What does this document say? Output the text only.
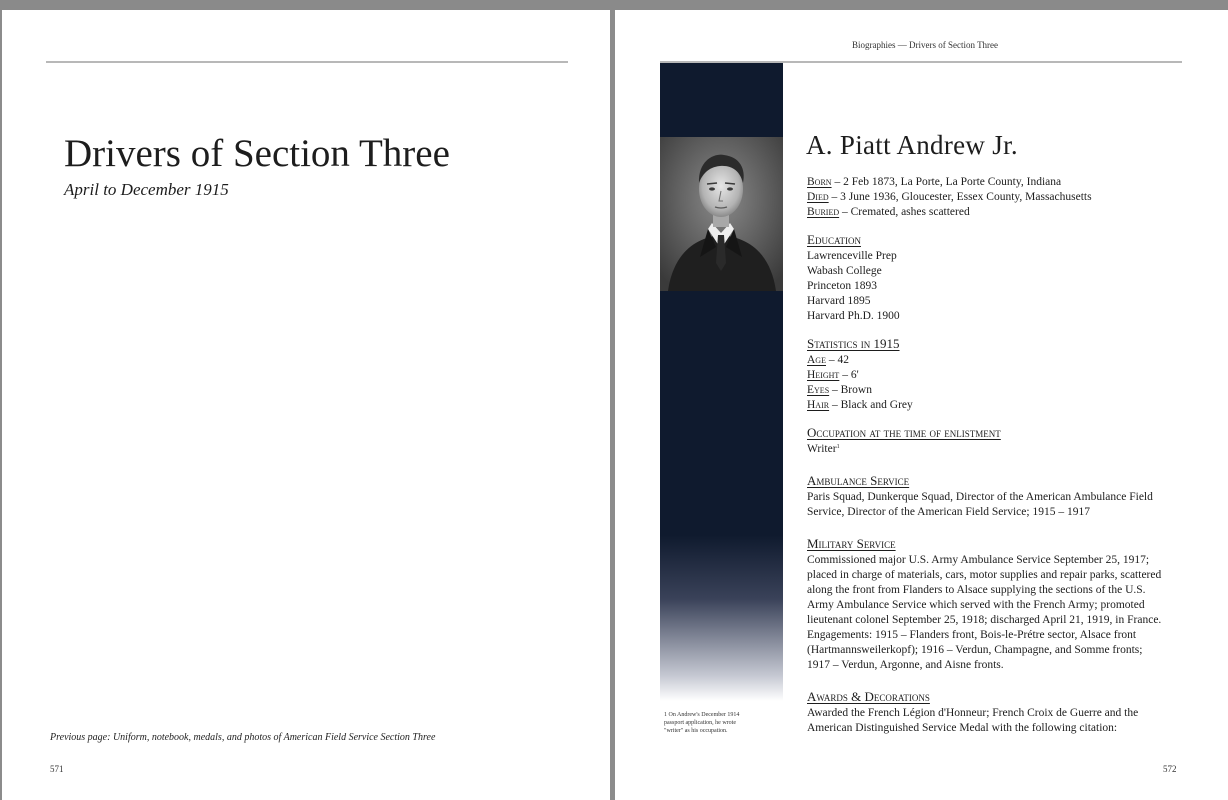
Drivers of Section Three
April to December 1915
Previous page: Uniform, notebook, medals, and photos of American Field Service Section Three
571
Biographies — Drivers of Section Three
1 On Andrew's December 1914 passport application, he wrote "writer" as his occupation.
A. Piatt Andrew Jr.
Born – 2 Feb 1873, La Porte, La Porte County, Indiana
Died – 3 June 1936, Gloucester, Essex County, Massachusetts
Buried – Cremated, ashes scattered
Education
Lawrenceville Prep
Wabash College
Princeton 1893
Harvard 1895
Harvard Ph.D. 1900
Statistics in 1915
Age – 42
Height – 6'
Eyes – Brown
Hair – Black and Grey
Occupation at the time of enlistment
Writer$^1$
Ambulance Service

Paris Squad, Dunkerque Squad, Director of the American Ambulance Field Service, Director of the American Field Service; 1915 – 1917

Military Service

Commissioned major U.S. Army Ambulance Service September 25, 1917; placed in charge of materials, cars, motor supplies and repair parks, scattered along the front from Flanders to Alsace supplying the sections of the U.S. Army Ambulance Service which served with the French Army; promoted lieutenant colonel September 25, 1918; discharged April 21, 1919, in France. Engagements: 1915 – Flanders front, Bois-le-Prétre sector, Alsace front (Hartmannsweilerkopf); 1916 – Verdun, Champagne, and Somme fronts; 1917 – Verdun, Argonne, and Aisne fronts.

Awards & Decorations

Awarded the French Légion d'Honneur; French Croix de Guerre and the American Distinguished Service Medal with the following citation:

572
